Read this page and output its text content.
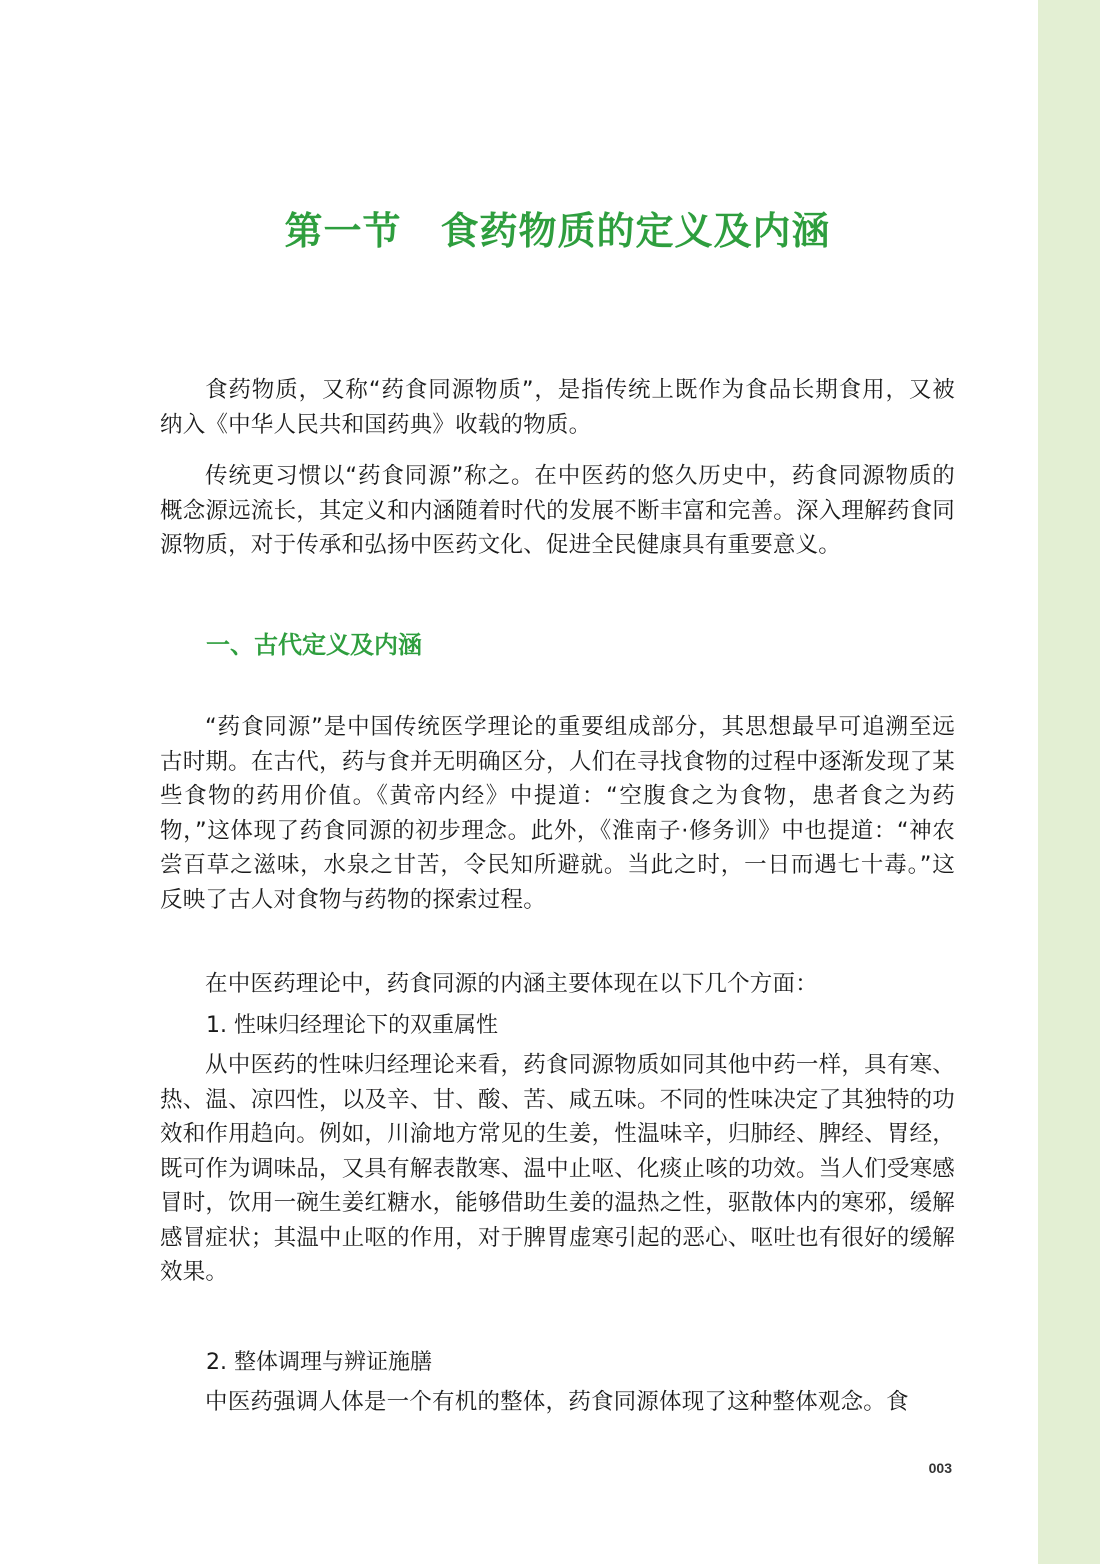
第一节　食药物质的定义及内涵

食药物质，又称“药食同源物质”，是指传统上既作为食品长期食用，又被纳入《中华人民共和国药典》收载的物质。

传统更习惯以“药食同源”称之。在中医药的悠久历史中，药食同源物质的概念源远流长，其定义和内涵随着时代的发展不断丰富和完善。深入理解药食同源物质，对于传承和弘扬中医药文化、促进全民健康具有重要意义。

一、古代定义及内涵

“药食同源”是中国传统医学理论的重要组成部分，其思想最早可追溯至远古时期。在古代，药与食并无明确区分，人们在寻找食物的过程中逐渐发现了某些食物的药用价值。《黄帝内经》中提道：“空腹食之为食物，患者食之为药物，”这体现了药食同源的初步理念。此外，《淮南子·修务训》中也提道：“神农尝百草之滋味，水泉之甘苦，令民知所避就。当此之时，一日而遇七十毒。”这反映了古人对食物与药物的探索过程。

在中医药理论中，药食同源的内涵主要体现在以下几个方面：

1. 性味归经理论下的双重属性

从中医药的性味归经理论来看，药食同源物质如同其他中药一样，具有寒、热、温、凉四性，以及辛、甘、酸、苦、咸五味。不同的性味决定了其独特的功效和作用趋向。例如，川渝地方常见的生姜，性温味辛，归肺经、脾经、胃经，既可作为调味品，又具有解表散寒、温中止呕、化痰止咳的功效。当人们受寒感冒时，饮用一碗生姜红糖水，能够借助生姜的温热之性，驱散体内的寒邪，缓解感冒症状；其温中止呕的作用，对于脾胃虚寒引起的恶心、呕吐也有很好的缓解效果。

2. 整体调理与辨证施膳

中医药强调人体是一个有机的整体，药食同源体现了这种整体观念。食

003
